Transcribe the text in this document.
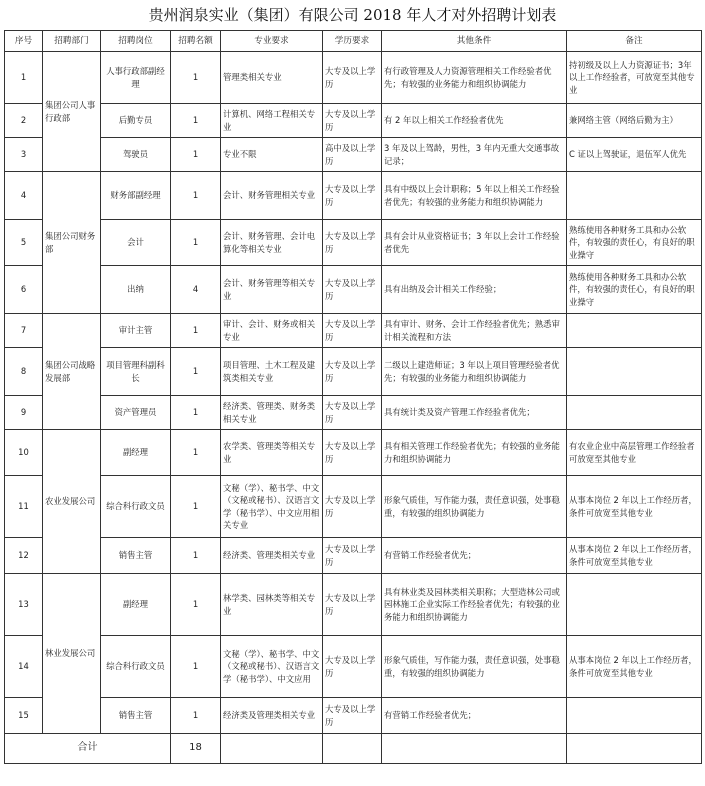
贵州润泉实业（集团）有限公司 2018 年人才对外招聘计划表
序号	招聘部门	招聘岗位	招聘名额	专业要求	学历要求	其他条件	备注
1	集团公司人事行政部	人事行政部副经理	1	管理类相关专业	大专及以上学历	有行政管理及人力资源管理相关工作经验者优先；有较强的业务能力和组织协调能力	持初级及以上人力资源证书；3年以上工作经验者，可放宽至其他专业
2		后勤专员	1	计算机、网络工程相关专业	大专及以上学历	有 2 年以上相关工作经验者优先	兼网络主管（网络后勤为主）
3		驾驶员	1	专业不限	高中及以上学历	3 年及以上驾龄，男性，3 年内无重大交通事故记录；	C 证以上驾驶证，退伍军人优先
4	集团公司财务部	财务部副经理	1	会计、财务管理相关专业	大专及以上学历	具有中级以上会计职称；5 年以上相关工作经验者优先；有较强的业务能力和组织协调能力	
5		会计	1	会计、财务管理、会计电算化等相关专业	大专及以上学历	具有会计从业资格证书；3 年以上会计工作经验者优先	熟练使用各种财务工具和办公软件，有较强的责任心，有良好的职业操守
6		出纳	4	会计、财务管理等相关专业	大专及以上学历	具有出纳及会计相关工作经验；	熟练使用各种财务工具和办公软件，有较强的责任心，有良好的职业操守
7	集团公司战略发展部	审计主管	1	审计、会计、财务或相关专业	大专及以上学历	具有审计、财务、会计工作经验者优先；熟悉审计相关流程和方法	
8		项目管理科副科长	1	项目管理、土木工程及建筑类相关专业	大专及以上学历	二级以上建造师证；3 年以上项目管理经验者优先；有较强的业务能力和组织协调能力	
9		资产管理员	1	经济类、管理类、财务类相关专业	大专及以上学历	具有统计类及资产管理工作经验者优先；	
10	农业发展公司	副经理	1	农学类、管理类等相关专业	大专及以上学历	具有相关管理工作经验者优先；有较强的业务能力和组织协调能力	有农业企业中高层管理工作经验者可放宽至其他专业
11		综合科行政文员	1	文秘（学）、秘书学、中文（文秘或秘书）、汉语言文学（秘书学）、中文应用相关专业	大专及以上学历	形象气质佳，写作能力强，责任意识强，处事稳重，有较强的组织协调能力	从事本岗位 2 年以上工作经历者，条件可放宽至其他专业
12		销售主管	1	经济类、管理类相关专业	大专及以上学历	有营销工作经验者优先；	从事本岗位 2 年以上工作经历者，条件可放宽至其他专业
13	林业发展公司	副经理	1	林学类、园林类等相关专业	大专及以上学历	具有林业类及园林类相关职称；大型造林公司或园林施工企业实际工作经验者优先；有较强的业务能力和组织协调能力	
14		综合科行政文员	1	文秘（学）、秘书学、中文（文秘或秘书）、汉语言文学（秘书学）、中文应用	大专及以上学历	形象气质佳，写作能力强，责任意识强，处事稳重，有较强的组织协调能力	从事本岗位 2 年以上工作经历者，条件可放宽至其他专业
15		销售主管	1	经济类及管理类相关专业	大专及以上学历	有营销工作经验者优先；	
合计			18				
